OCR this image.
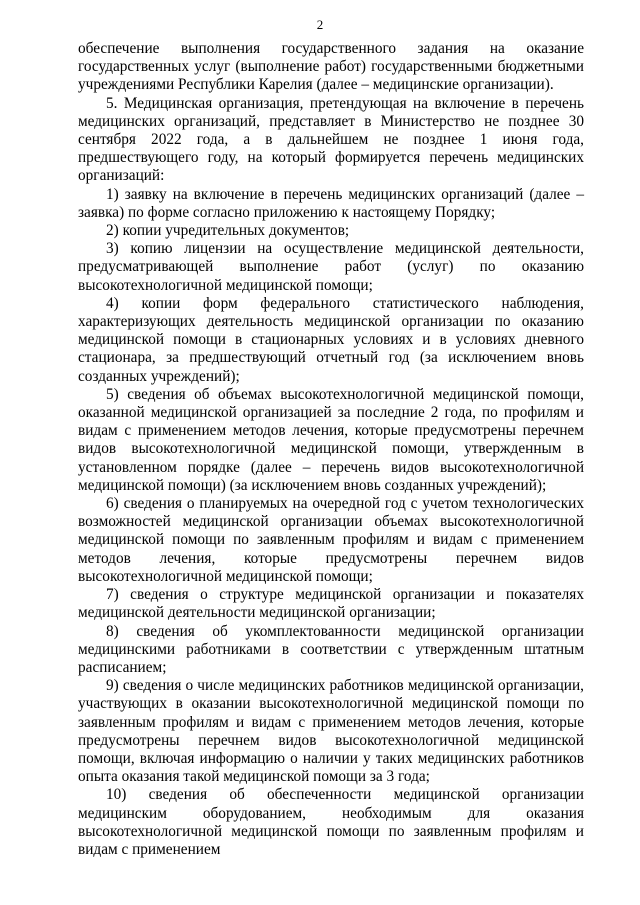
2

обеспечение выполнения государственного задания на оказание государственных услуг (выполнение работ) государственными бюджетными учреждениями Республики Карелия (далее – медицинские организации).

5. Медицинская организация, претендующая на включение в перечень медицинских организаций, представляет в Министерство не позднее 30 сентября 2022 года, а в дальнейшем не позднее 1 июня года, предшествующего году, на который формируется перечень медицинских организаций:

1) заявку на включение в перечень медицинских организаций (далее – заявка) по форме согласно приложению к настоящему Порядку;

2) копии учредительных документов;

3) копию лицензии на осуществление медицинской деятельности, предусматривающей выполнение работ (услуг) по оказанию высокотехнологичной медицинской помощи;

4) копии форм федерального статистического наблюдения, характеризующих деятельность медицинской организации по оказанию медицинской помощи в стационарных условиях и в условиях дневного стационара, за предшествующий отчетный год (за исключением вновь созданных учреждений);

5) сведения об объемах высокотехнологичной медицинской помощи, оказанной медицинской организацией за последние 2 года, по профилям и видам с применением методов лечения, которые предусмотрены перечнем видов высокотехнологичной медицинской помощи, утвержденным в установленном порядке (далее – перечень видов высокотехнологичной медицинской помощи) (за исключением вновь созданных учреждений);

6) сведения о планируемых на очередной год с учетом технологических возможностей медицинской организации объемах высокотехнологичной медицинской помощи по заявленным профилям и видам с применением методов лечения, которые предусмотрены перечнем видов высокотехнологичной медицинской помощи;

7) сведения о структуре медицинской организации и показателях медицинской деятельности медицинской организации;

8) сведения об укомплектованности медицинской организации медицинскими работниками в соответствии с утвержденным штатным расписанием;

9) сведения о числе медицинских работников медицинской организации, участвующих в оказании высокотехнологичной медицинской помощи по заявленным профилям и видам с применением методов лечения, которые предусмотрены перечнем видов высокотехнологичной медицинской помощи, включая информацию о наличии у таких медицинских работников опыта оказания такой медицинской помощи за 3 года;

10) сведения об обеспеченности медицинской организации медицинским оборудованием, необходимым для оказания высокотехнологичной медицинской помощи по заявленным профилям и видам с применением
